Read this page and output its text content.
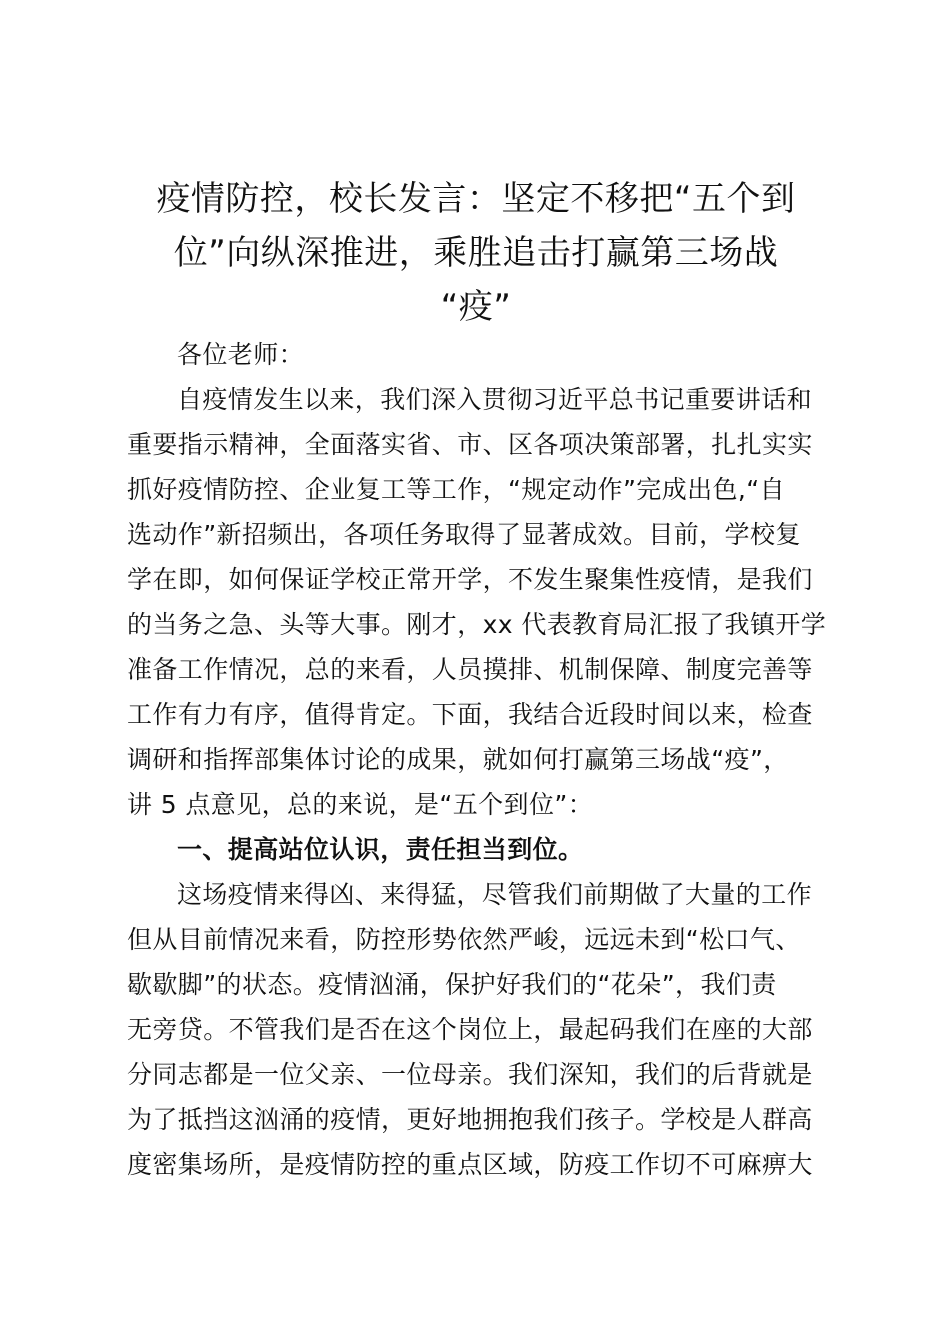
疫情防控，校长发言：坚定不移把“五个到
位”向纵深推进，乘胜追击打赢第三场战
“疫”
各位老师：
自疫情发生以来，我们深入贯彻习近平总书记重要讲话和
重要指示精神，全面落实省、市、区各项决策部署，扎扎实实
抓好疫情防控、企业复工等工作，“规定动作”完成出色,“自
选动作”新招频出，各项任务取得了显著成效。目前，学校复
学在即，如何保证学校正常开学，不发生聚集性疫情，是我们
的当务之急、头等大事。刚才，xx 代表教育局汇报了我镇开学
准备工作情况，总的来看，人员摸排、机制保障、制度完善等
工作有力有序，值得肯定。下面，我结合近段时间以来，检查
调研和指挥部集体讨论的成果，就如何打赢第三场战“疫”，
讲 5 点意见，总的来说，是“五个到位”：
一、提高站位认识，责任担当到位。
这场疫情来得凶、来得猛，尽管我们前期做了大量的工作
但从目前情况来看，防控形势依然严峻，远远未到“松口气、
歇歇脚”的状态。疫情汹涌，保护好我们的“花朵”，我们责
无旁贷。不管我们是否在这个岗位上，最起码我们在座的大部
分同志都是一位父亲、一位母亲。我们深知，我们的后背就是
为了抵挡这汹涌的疫情，更好地拥抱我们孩子。学校是人群高
度密集场所，是疫情防控的重点区域，防疫工作切不可麻痹大
